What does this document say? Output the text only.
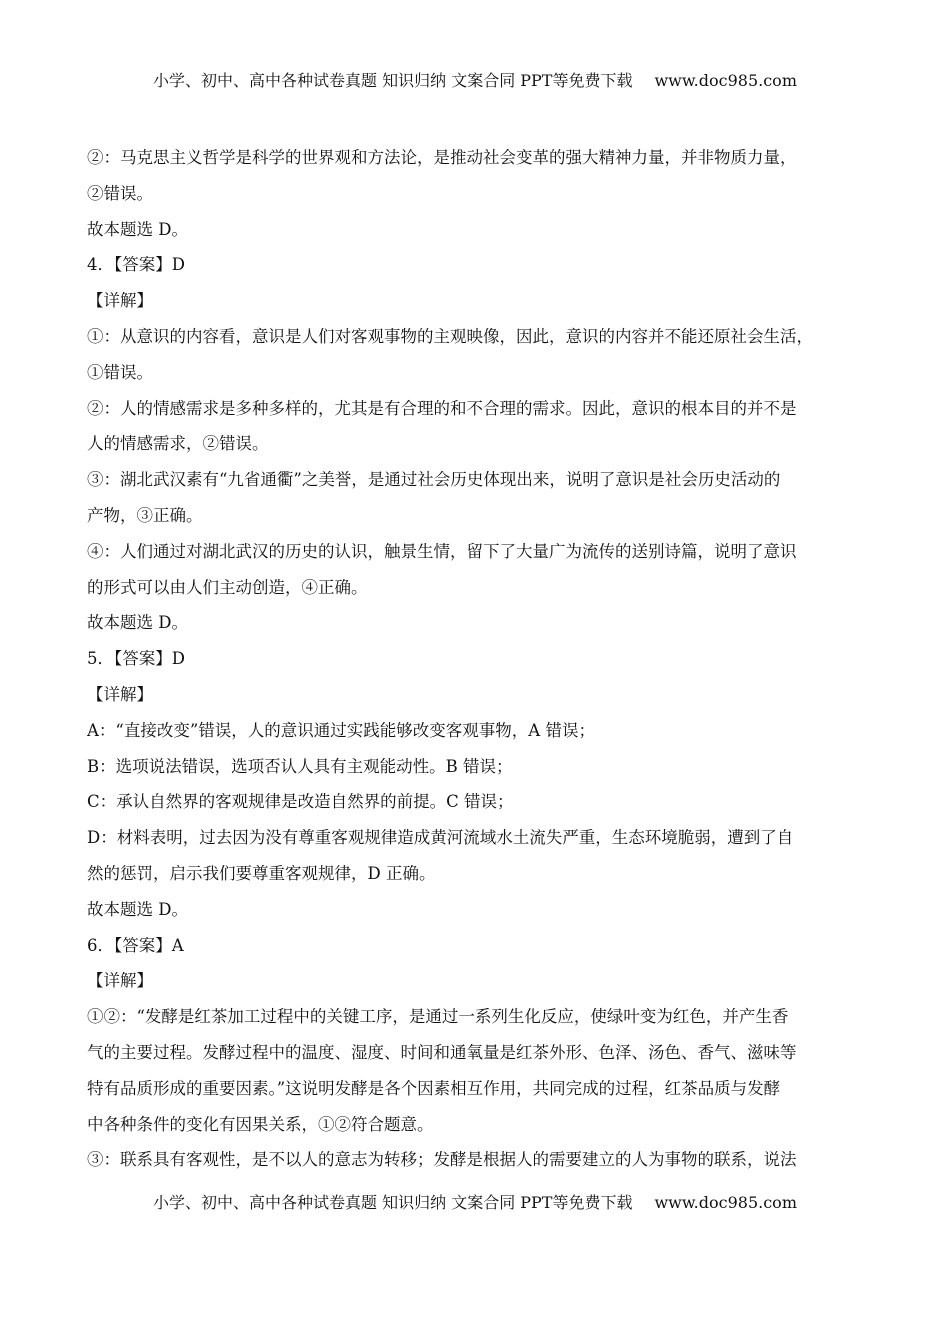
小学、初中、高中各种试卷真题 知识归纳 文案合同 PPT等免费下载 www.doc985.com
②：马克思主义哲学是科学的世界观和方法论，是推动社会变革的强大精神力量，并非物质力量，
②错误。
故本题选 D。
4．【答案】D
【详解】
①：从意识的内容看，意识是人们对客观事物的主观映像，因此，意识的内容并不能还原社会生活，
①错误。
②：人的情感需求是多种多样的，尤其是有合理的和不合理的需求。因此，意识的根本目的并不是
人的情感需求，②错误。
③：湖北武汉素有“九省通衢”之美誉，是通过社会历史体现出来，说明了意识是社会历史活动的
产物，③正确。
④：人们通过对湖北武汉的历史的认识，触景生情，留下了大量广为流传的送别诗篇，说明了意识
的形式可以由人们主动创造，④正确。
故本题选 D。
5．【答案】D
【详解】
A：“直接改变”错误，人的意识通过实践能够改变客观事物，A 错误；
B：选项说法错误，选项否认人具有主观能动性。B 错误；
C：承认自然界的客观规律是改造自然界的前提。C 错误；
D：材料表明，过去因为没有尊重客观规律造成黄河流域水土流失严重，生态环境脆弱，遭到了自
然的惩罚，启示我们要尊重客观规律，D 正确。
故本题选 D。
6．【答案】A
【详解】
①②：“发酵是红茶加工过程中的关键工序，是通过一系列生化反应，使绿叶变为红色，并产生香
气的主要过程。发酵过程中的温度、湿度、时间和通氧量是红茶外形、色泽、汤色、香气、滋味等
特有品质形成的重要因素。”这说明发酵是各个因素相互作用，共同完成的过程，红茶品质与发酵
中各种条件的变化有因果关系，①②符合题意。
③：联系具有客观性，是不以人的意志为转移；发酵是根据人的需要建立的人为事物的联系，说法
小学、初中、高中各种试卷真题 知识归纳 文案合同 PPT等免费下载 www.doc985.com
